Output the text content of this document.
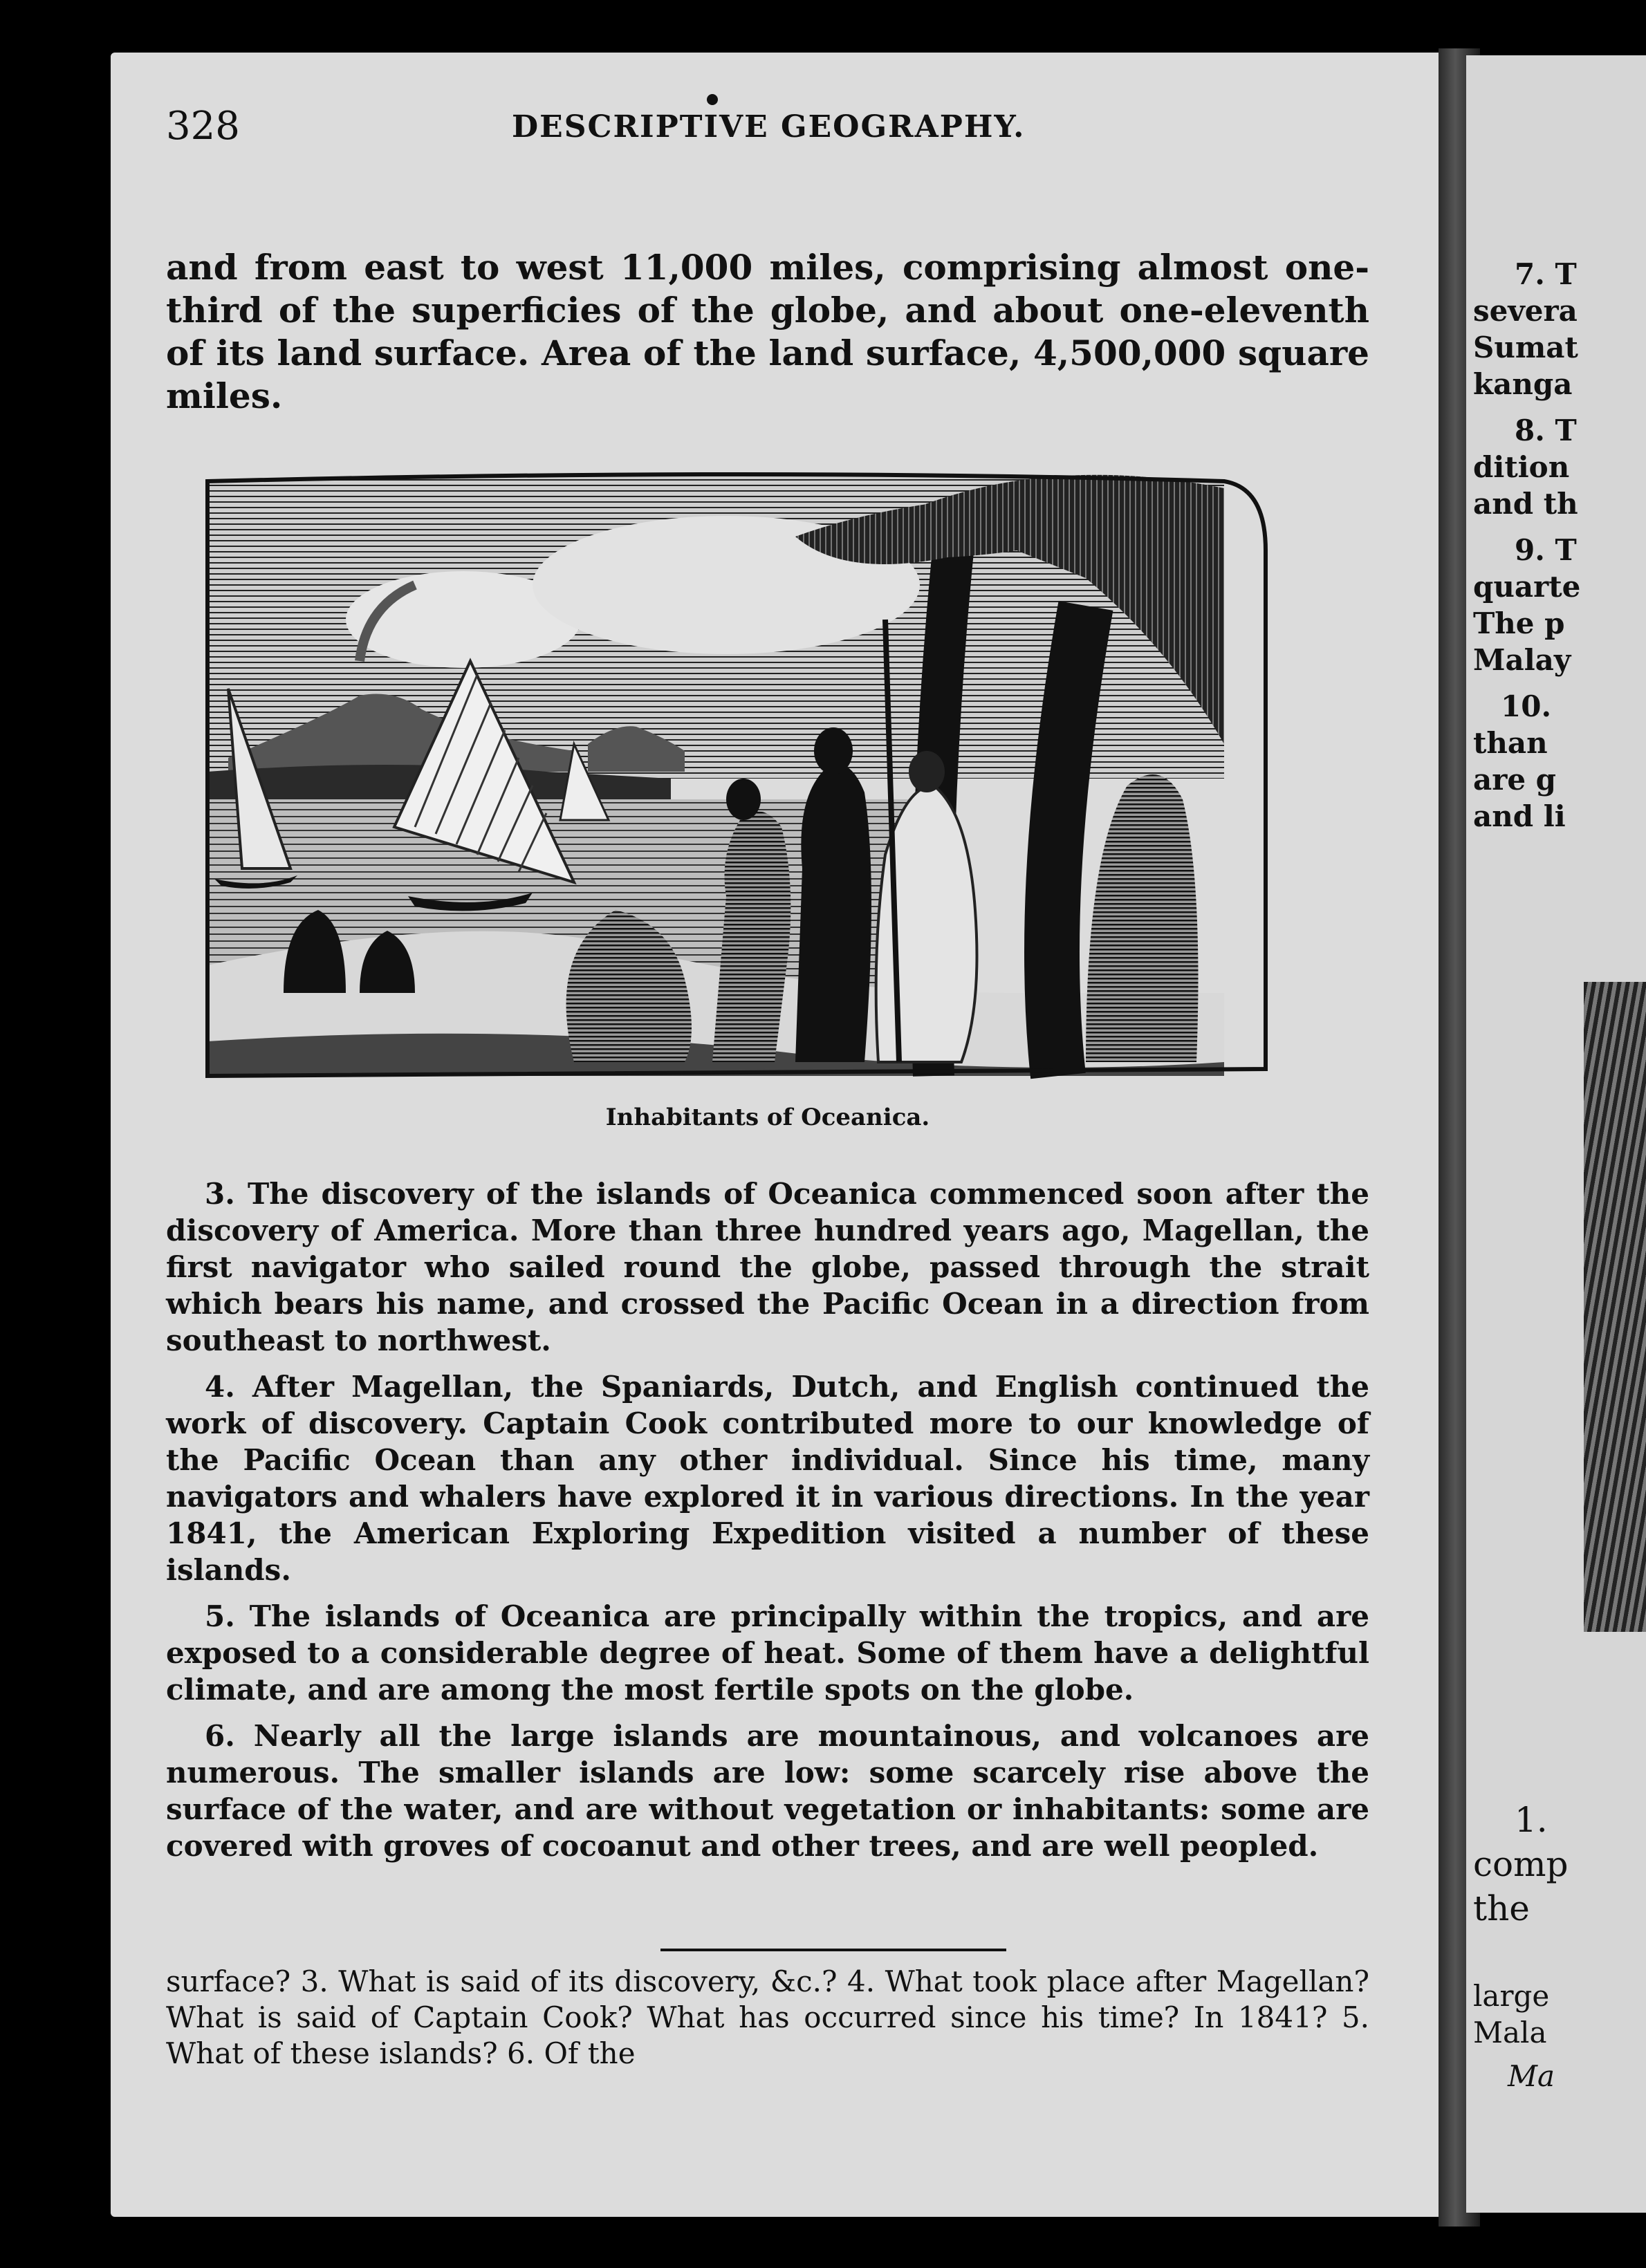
328	DESCRIPTIVE GEOGRAPHY.
and from east to west 11,000 miles, comprising almost one-third of the superficies of the globe, and about one-eleventh of its land surface. Area of the land surface, 4,500,000 square miles.
Inhabitants of Oceanica.

3. The discovery of the islands of Oceanica commenced soon after the discovery of America. More than three hundred years ago, Magellan, the first navigator who sailed round the globe, passed through the strait which bears his name, and crossed the Pacific Ocean in a direction from southeast to northwest.

4. After Magellan, the Spaniards, Dutch, and English continued the work of discovery. Captain Cook contributed more to our knowledge of the Pacific Ocean than any other individual. Since his time, many navigators and whalers have explored it in various directions. In the year 1841, the American Exploring Expedition visited a number of these islands.

5. The islands of Oceanica are principally within the tropics, and are exposed to a considerable degree of heat. Some of them have a delightful climate, and are among the most fertile spots on the globe.

6. Nearly all the large islands are mountainous, and volcanoes are numerous. The smaller islands are low: some scarcely rise above the surface of the water, and are without vegetation or inhabitants: some are covered with groves of cocoanut and other trees, and are well peopled.

surface? 3. What is said of its discovery, &c.? 4. What took place after Magellan? What is said of Captain Cook? What has occurred since his time? In 1841? 5. What of these islands? 6. Of the
7. T
severa
Sumat
kanga
8. T
dition
and th
9. T
quarte
The p
Malay
10.
than
are g
and li
1.
comp
the
large
Mala
Ma
